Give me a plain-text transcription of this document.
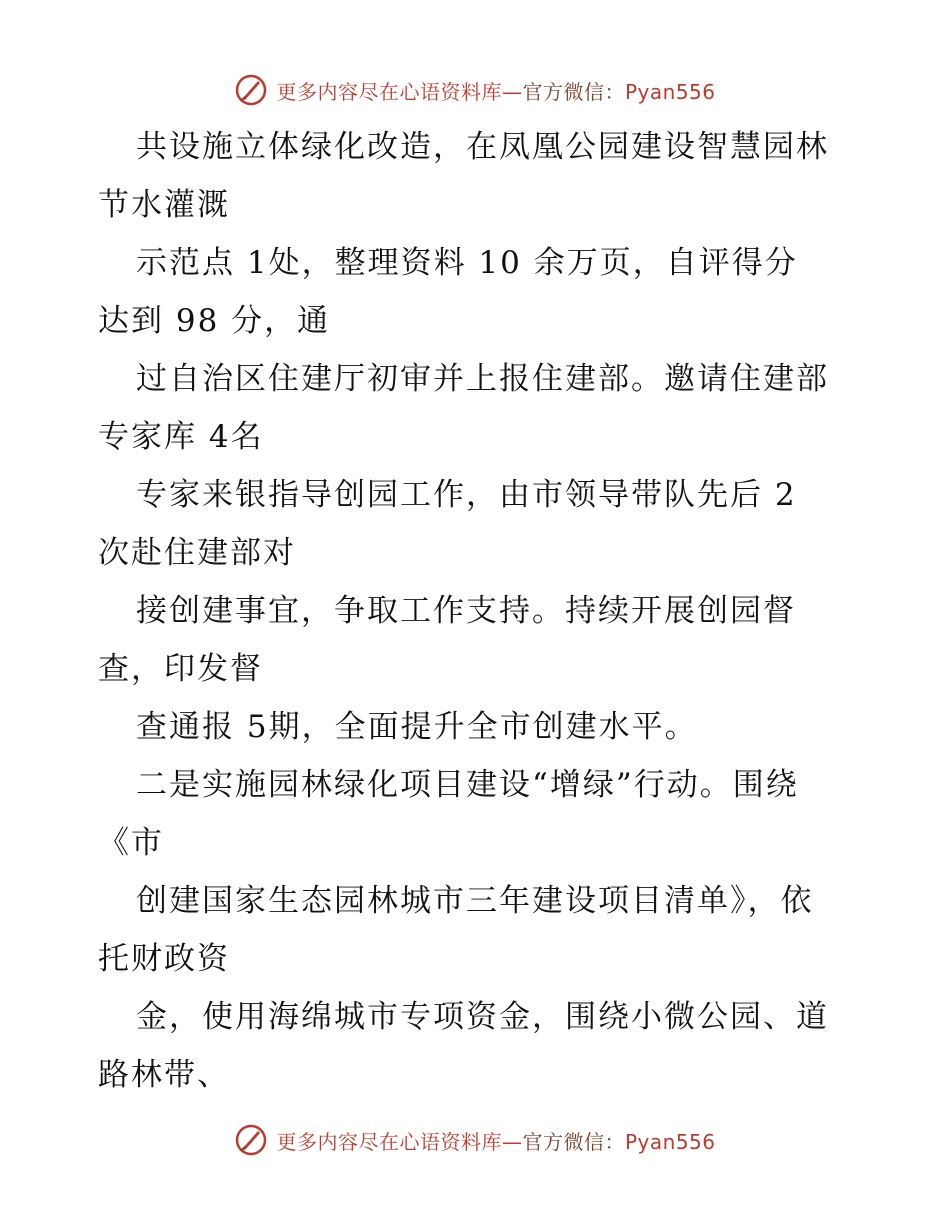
更多内容尽在心语资料库—官方微信：Pyan556
共设施立体绿化改造，在凤凰公园建设智慧园林
节水灌溉
示范点 1处，整理资料 10 余万页，自评得分
达到 98 分，通
过自治区住建厅初审并上报住建部。邀请住建部
专家库 4名
专家来银指导创园工作，由市领导带队先后 2
次赴住建部对
接创建事宜，争取工作支持。持续开展创园督
查，印发督
查通报 5期，全面提升全市创建水平。
二是实施园林绿化项目建设“增绿”行动。围绕
《市
创建国家生态园林城市三年建设项目清单》，依
托财政资
金，使用海绵城市专项资金，围绕小微公园、道
路林带、
更多内容尽在心语资料库—官方微信：Pyan556
